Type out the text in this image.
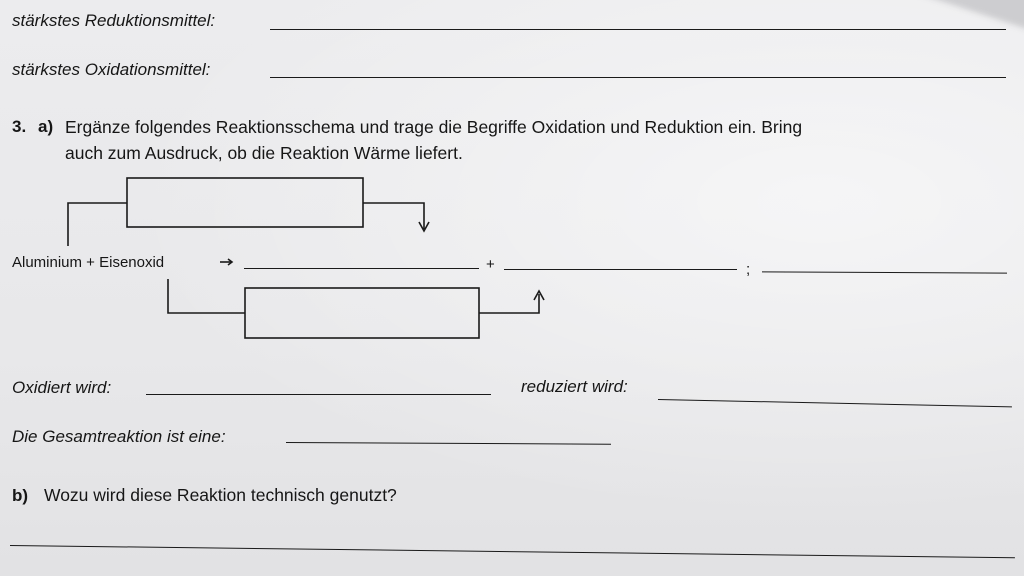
stärkstes Reduktionsmittel:
stärkstes Oxidationsmittel:
3. a) Ergänze folgendes Reaktionsschema und trage die Begriffe Oxidation und Reduktion ein. Bring
auch zum Ausdruck, ob die Reaktion Wärme liefert.
Aluminium + Eisenoxid	+	;
Oxidiert wird:	reduziert wird:
Die Gesamtreaktion ist eine:
b) Wozu wird diese Reaktion technisch genutzt?
